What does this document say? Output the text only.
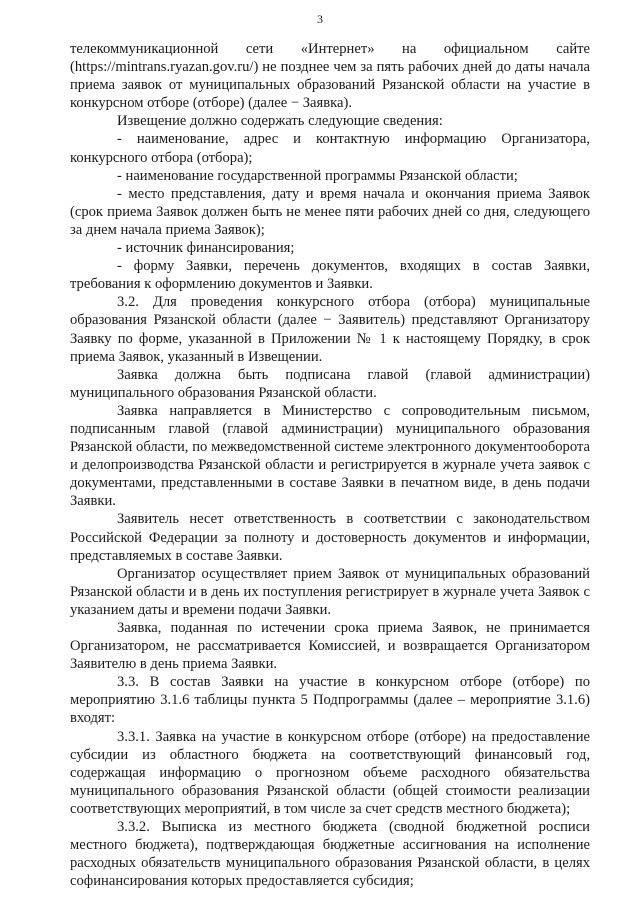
3

телекоммуникационной сети «Интернет» на официальном сайте (https://mintrans.ryazan.gov.ru/) не позднее чем за пять рабочих дней до даты начала приема заявок от муниципальных образований Рязанской области на участие в конкурсном отборе (отборе) (далее − Заявка).

Извещение должно содержать следующие сведения:

- наименование, адрес и контактную информацию Организатора, конкурсного отбора (отбора);

- наименование государственной программы Рязанской области;

- место представления, дату и время начала и окончания приема Заявок (срок приема Заявок должен быть не менее пяти рабочих дней со дня, следующего за днем начала приема Заявок);

- источник финансирования;

- форму Заявки, перечень документов, входящих в состав Заявки, требования к оформлению документов и Заявки.

3.2. Для проведения конкурсного отбора (отбора) муниципальные образования Рязанской области (далее − Заявитель) представляют Организатору Заявку по форме, указанной в Приложении № 1 к настоящему Порядку, в срок приема Заявок, указанный в Извещении.

Заявка должна быть подписана главой (главой администрации) муниципального образования Рязанской области.

Заявка направляется в Министерство с сопроводительным письмом, подписанным главой (главой администрации) муниципального образования Рязанской области, по межведомственной системе электронного документооборота и делопроизводства Рязанской области и регистрируется в журнале учета заявок с документами, представленными в составе Заявки в печатном виде, в день подачи Заявки.

Заявитель несет ответственность в соответствии с законодательством Российской Федерации за полноту и достоверность документов и информации, представляемых в составе Заявки.

Организатор осуществляет прием Заявок от муниципальных образований Рязанской области и в день их поступления регистрирует в журнале учета Заявок с указанием даты и времени подачи Заявки.

Заявка, поданная по истечении срока приема Заявок, не принимается Организатором, не рассматривается Комиссией, и возвращается Организатором Заявителю в день приема Заявки.

3.3. В состав Заявки на участие в конкурсном отборе (отборе) по мероприятию 3.1.6 таблицы пункта 5 Подпрограммы (далее – мероприятие 3.1.6) входят:

3.3.1. Заявка на участие в конкурсном отборе (отборе) на предоставление субсидии из областного бюджета на соответствующий финансовый год, содержащая информацию о прогнозном объеме расходного обязательства муниципального образования Рязанской области (общей стоимости реализации соответствующих мероприятий, в том числе за счет средств местного бюджета);

3.3.2. Выписка из местного бюджета (сводной бюджетной росписи местного бюджета), подтверждающая бюджетные ассигнования на исполнение расходных обязательств муниципального образования Рязанской области, в целях софинансирования которых предоставляется субсидия;
